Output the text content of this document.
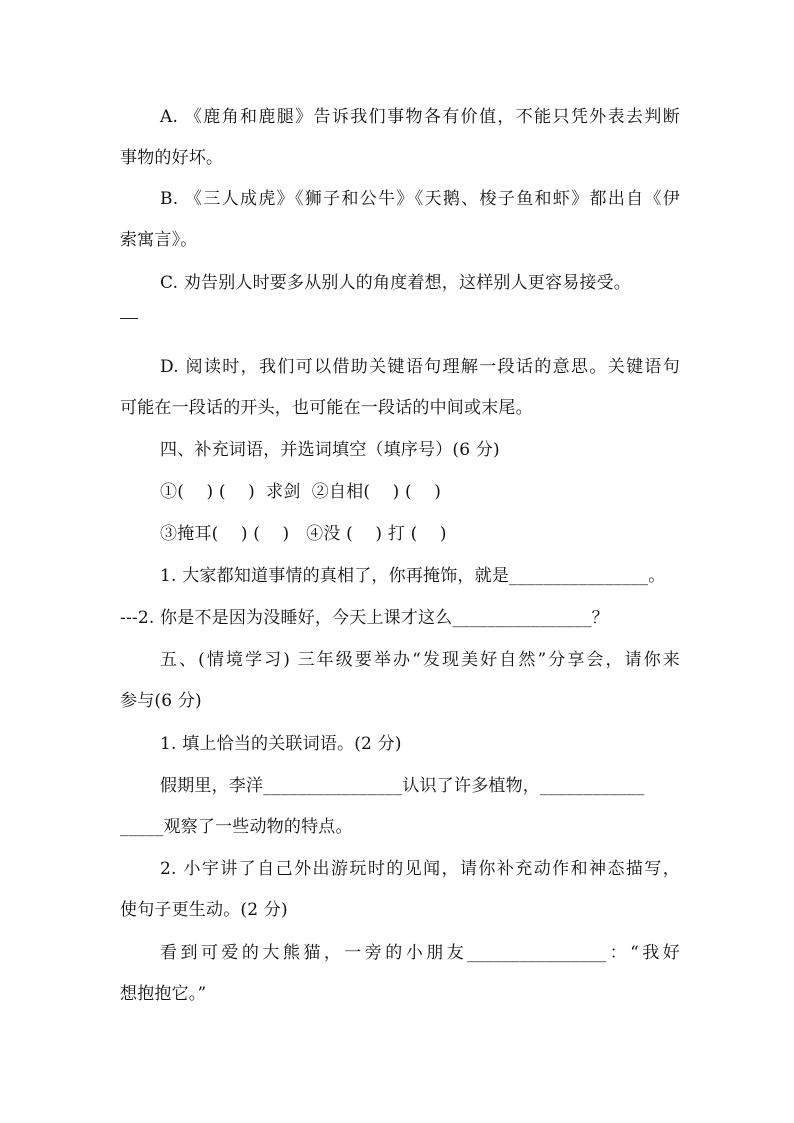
A. 《鹿角和鹿腿》告诉我们事物各有价值，不能只凭外表去判断
事物的好坏。
B. 《三人成虎》《狮子和公牛》《天鹅、梭子鱼和虾》都出自《伊
索寓言》。
C. 劝告别人时要多从别人的角度着想，这样别人更容易接受。
D. 阅读时，我们可以借助关键语句理解一段话的意思。关键语句
可能在一段话的开头，也可能在一段话的中间或末尾。
四、补充词语，并选词填空（填序号）(6 分)
①(    ) (    )  求剑  ②自相(    ) (    )
③掩耳(    ) (    )   ④没 (    ) 打 (    )
1. 大家都知道事情的真相了，你再掩饰，就是________________。
---2. 你是不是因为没睡好，今天上课才这么________________？
五、(情境学习) 三年级要举办“发现美好自然”分享会，请你来
参与(6 分)
1. 填上恰当的关联词语。(2 分)
假期里，李洋________________认识了许多植物，____________
_____观察了一些动物的特点。
2. 小宇讲了自己外出游玩时的见闻，请你补充动作和神态描写，
使句子更生动。(2 分)
看到可爱的大熊猫，一旁的小朋友________________：“我好
想抱抱它。”
